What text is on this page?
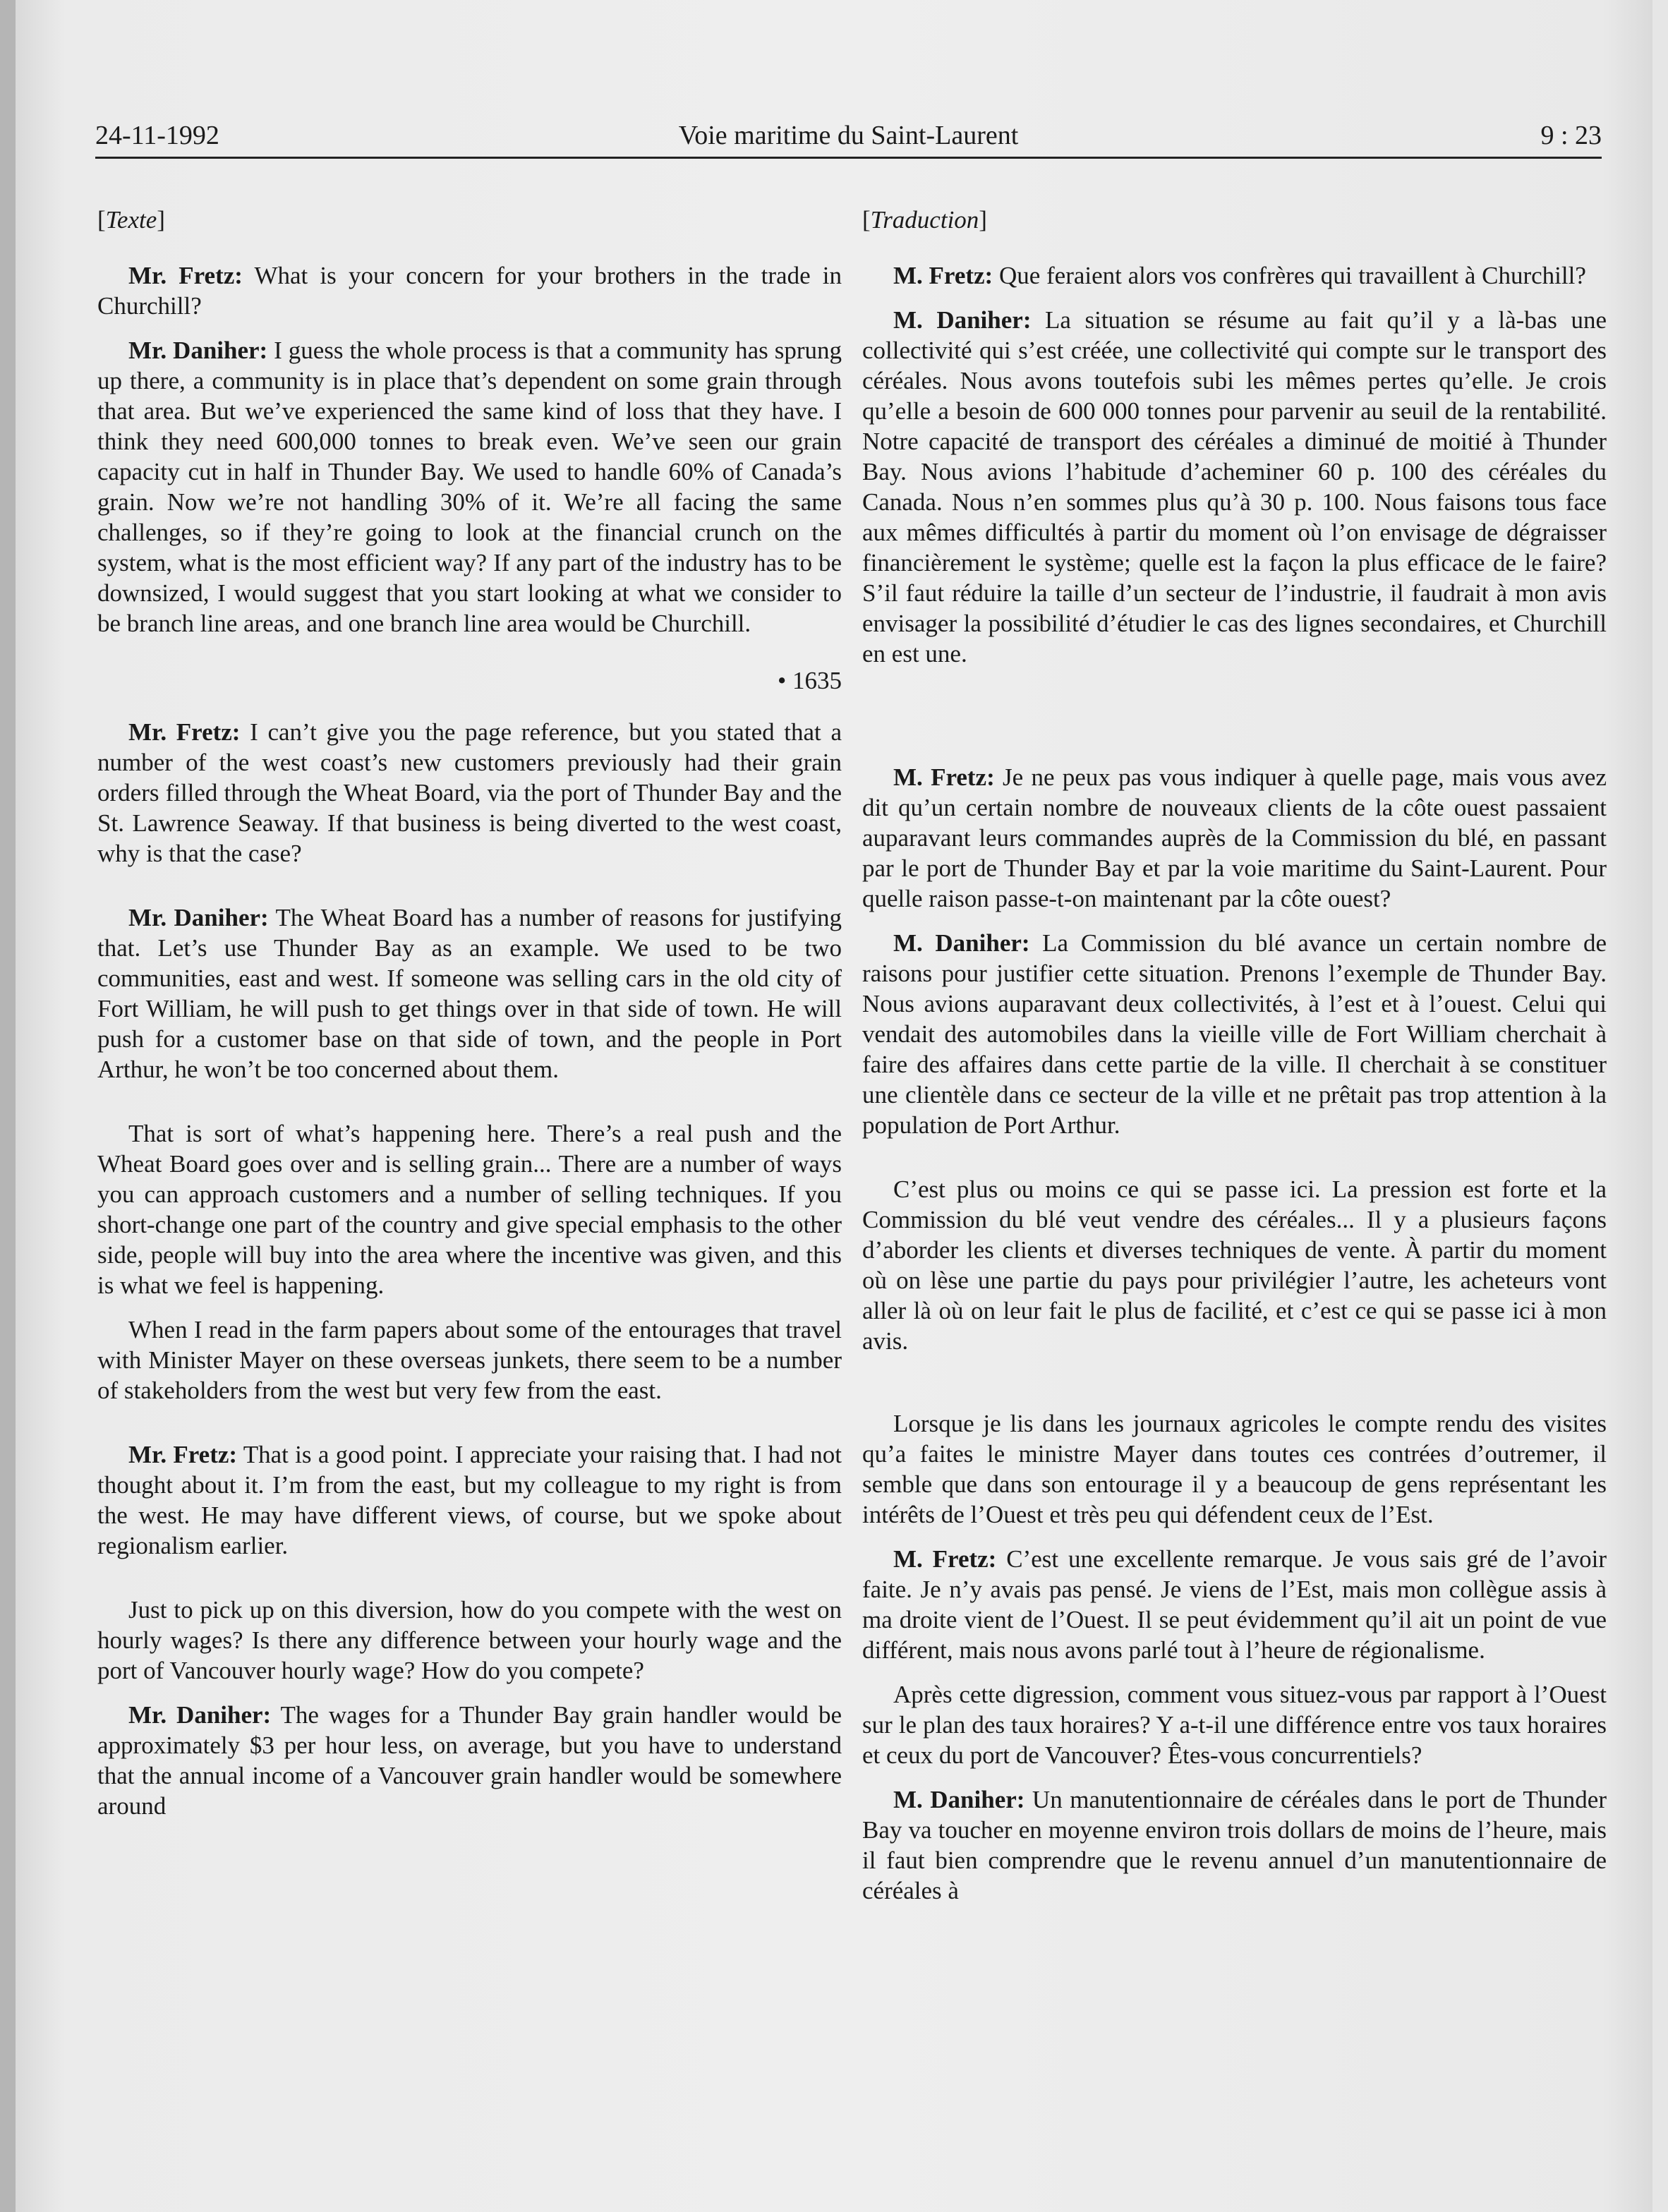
24-11-1992	Voie maritime du Saint-Laurent	9 : 23

[Texte]

Mr. Fretz: What is your concern for your brothers in the trade in Churchill?

Mr. Daniher: I guess the whole process is that a community has sprung up there, a community is in place that’s dependent on some grain through that area. But we’ve experienced the same kind of loss that they have. I think they need 600,000 tonnes to break even. We’ve seen our grain capacity cut in half in Thunder Bay. We used to handle 60% of Canada’s grain. Now we’re not handling 30% of it. We’re all facing the same challenges, so if they’re going to look at the financial crunch on the system, what is the most efficient way? If any part of the industry has to be downsized, I would suggest that you start looking at what we consider to be branch line areas, and one branch line area would be Churchill.

• 1635

Mr. Fretz: I can’t give you the page reference, but you stated that a number of the west coast’s new customers previously had their grain orders filled through the Wheat Board, via the port of Thunder Bay and the St. Lawrence Seaway. If that business is being diverted to the west coast, why is that the case?

Mr. Daniher: The Wheat Board has a number of reasons for justifying that. Let’s use Thunder Bay as an example. We used to be two communities, east and west. If someone was selling cars in the old city of Fort William, he will push to get things over in that side of town. He will push for a customer base on that side of town, and the people in Port Arthur, he won’t be too concerned about them.

That is sort of what’s happening here. There’s a real push and the Wheat Board goes over and is selling grain... There are a number of ways you can approach customers and a number of selling techniques. If you short-change one part of the country and give special emphasis to the other side, people will buy into the area where the incentive was given, and this is what we feel is happening.

When I read in the farm papers about some of the entourages that travel with Minister Mayer on these overseas junkets, there seem to be a number of stakeholders from the west but very few from the east.

Mr. Fretz: That is a good point. I appreciate your raising that. I had not thought about it. I’m from the east, but my colleague to my right is from the west. He may have different views, of course, but we spoke about regionalism earlier.

Just to pick up on this diversion, how do you compete with the west on hourly wages? Is there any difference between your hourly wage and the port of Vancouver hourly wage? How do you compete?

Mr. Daniher: The wages for a Thunder Bay grain handler would be approximately $3 per hour less, on average, but you have to understand that the annual income of a Vancouver grain handler would be somewhere around

[Traduction]

M. Fretz: Que feraient alors vos confrères qui travaillent à Churchill?

M. Daniher: La situation se résume au fait qu’il y a là-bas une collectivité qui s’est créée, une collectivité qui compte sur le transport des céréales. Nous avons toutefois subi les mêmes pertes qu’elle. Je crois qu’elle a besoin de 600 000 tonnes pour parvenir au seuil de la rentabilité. Notre capacité de transport des céréales a diminué de moitié à Thunder Bay. Nous avions l’habitude d’acheminer 60 p. 100 des céréales du Canada. Nous n’en sommes plus qu’à 30 p. 100. Nous faisons tous face aux mêmes difficultés à partir du moment où l’on envisage de dégraisser financièrement le système; quelle est la façon la plus efficace de le faire? S’il faut réduire la taille d’un secteur de l’industrie, il faudrait à mon avis envisager la possibilité d’étudier le cas des lignes secondaires, et Churchill en est une.

M. Fretz: Je ne peux pas vous indiquer à quelle page, mais vous avez dit qu’un certain nombre de nouveaux clients de la côte ouest passaient auparavant leurs commandes auprès de la Commission du blé, en passant par le port de Thunder Bay et par la voie maritime du Saint-Laurent. Pour quelle raison passe-t-on maintenant par la côte ouest?

M. Daniher: La Commission du blé avance un certain nombre de raisons pour justifier cette situation. Prenons l’exemple de Thunder Bay. Nous avions auparavant deux collectivités, à l’est et à l’ouest. Celui qui vendait des automobiles dans la vieille ville de Fort William cherchait à faire des affaires dans cette partie de la ville. Il cherchait à se constituer une clientèle dans ce secteur de la ville et ne prêtait pas trop attention à la population de Port Arthur.

C’est plus ou moins ce qui se passe ici. La pression est forte et la Commission du blé veut vendre des céréales... Il y a plusieurs façons d’aborder les clients et diverses techniques de vente. À partir du moment où on lèse une partie du pays pour privilégier l’autre, les acheteurs vont aller là où on leur fait le plus de facilité, et c’est ce qui se passe ici à mon avis.

Lorsque je lis dans les journaux agricoles le compte rendu des visites qu’a faites le ministre Mayer dans toutes ces contrées d’outremer, il semble que dans son entourage il y a beaucoup de gens représentant les intérêts de l’Ouest et très peu qui défendent ceux de l’Est.

M. Fretz: C’est une excellente remarque. Je vous sais gré de l’avoir faite. Je n’y avais pas pensé. Je viens de l’Est, mais mon collègue assis à ma droite vient de l’Ouest. Il se peut évidemment qu’il ait un point de vue différent, mais nous avons parlé tout à l’heure de régionalisme.

Après cette digression, comment vous situez-vous par rapport à l’Ouest sur le plan des taux horaires? Y a-t-il une différence entre vos taux horaires et ceux du port de Vancouver? Êtes-vous concurrentiels?

M. Daniher: Un manutentionnaire de céréales dans le port de Thunder Bay va toucher en moyenne environ trois dollars de moins de l’heure, mais il faut bien comprendre que le revenu annuel d’un manutentionnaire de céréales à
